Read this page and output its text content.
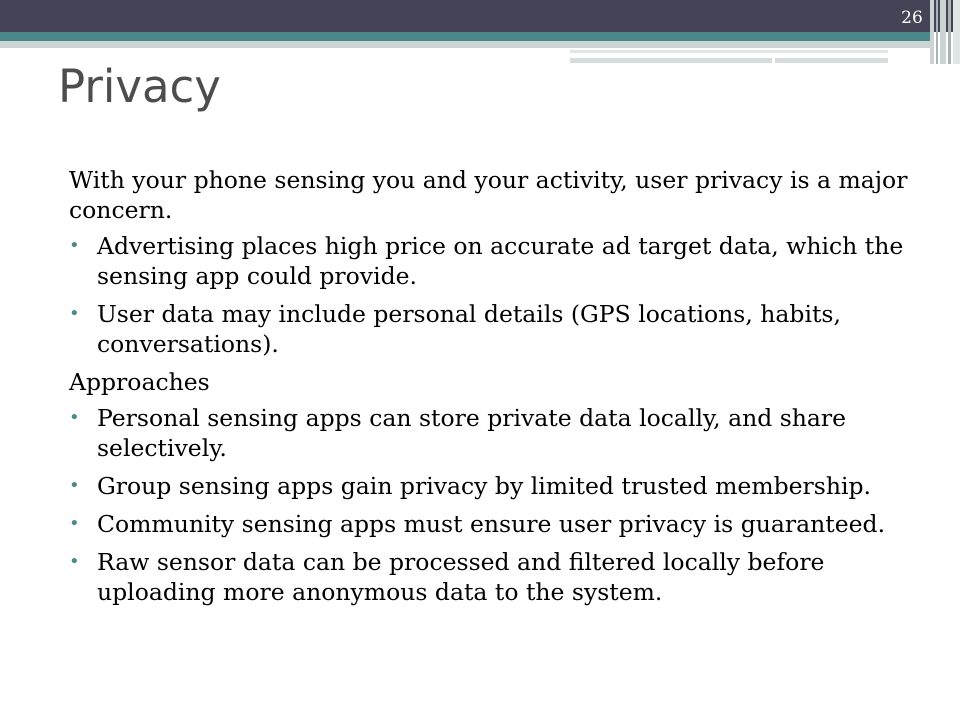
26
Privacy

With your phone sensing you and your activity, user privacy is a major concern.

• Advertising places high price on accurate ad target data, which the sensing app could provide.
• User data may include personal details (GPS locations, habits, conversations).

Approaches

• Personal sensing apps can store private data locally, and share selectively.
• Group sensing apps gain privacy by limited trusted membership.
• Community sensing apps must ensure user privacy is guaranteed.
• Raw sensor data can be processed and filtered locally before uploading more anonymous data to the system.
